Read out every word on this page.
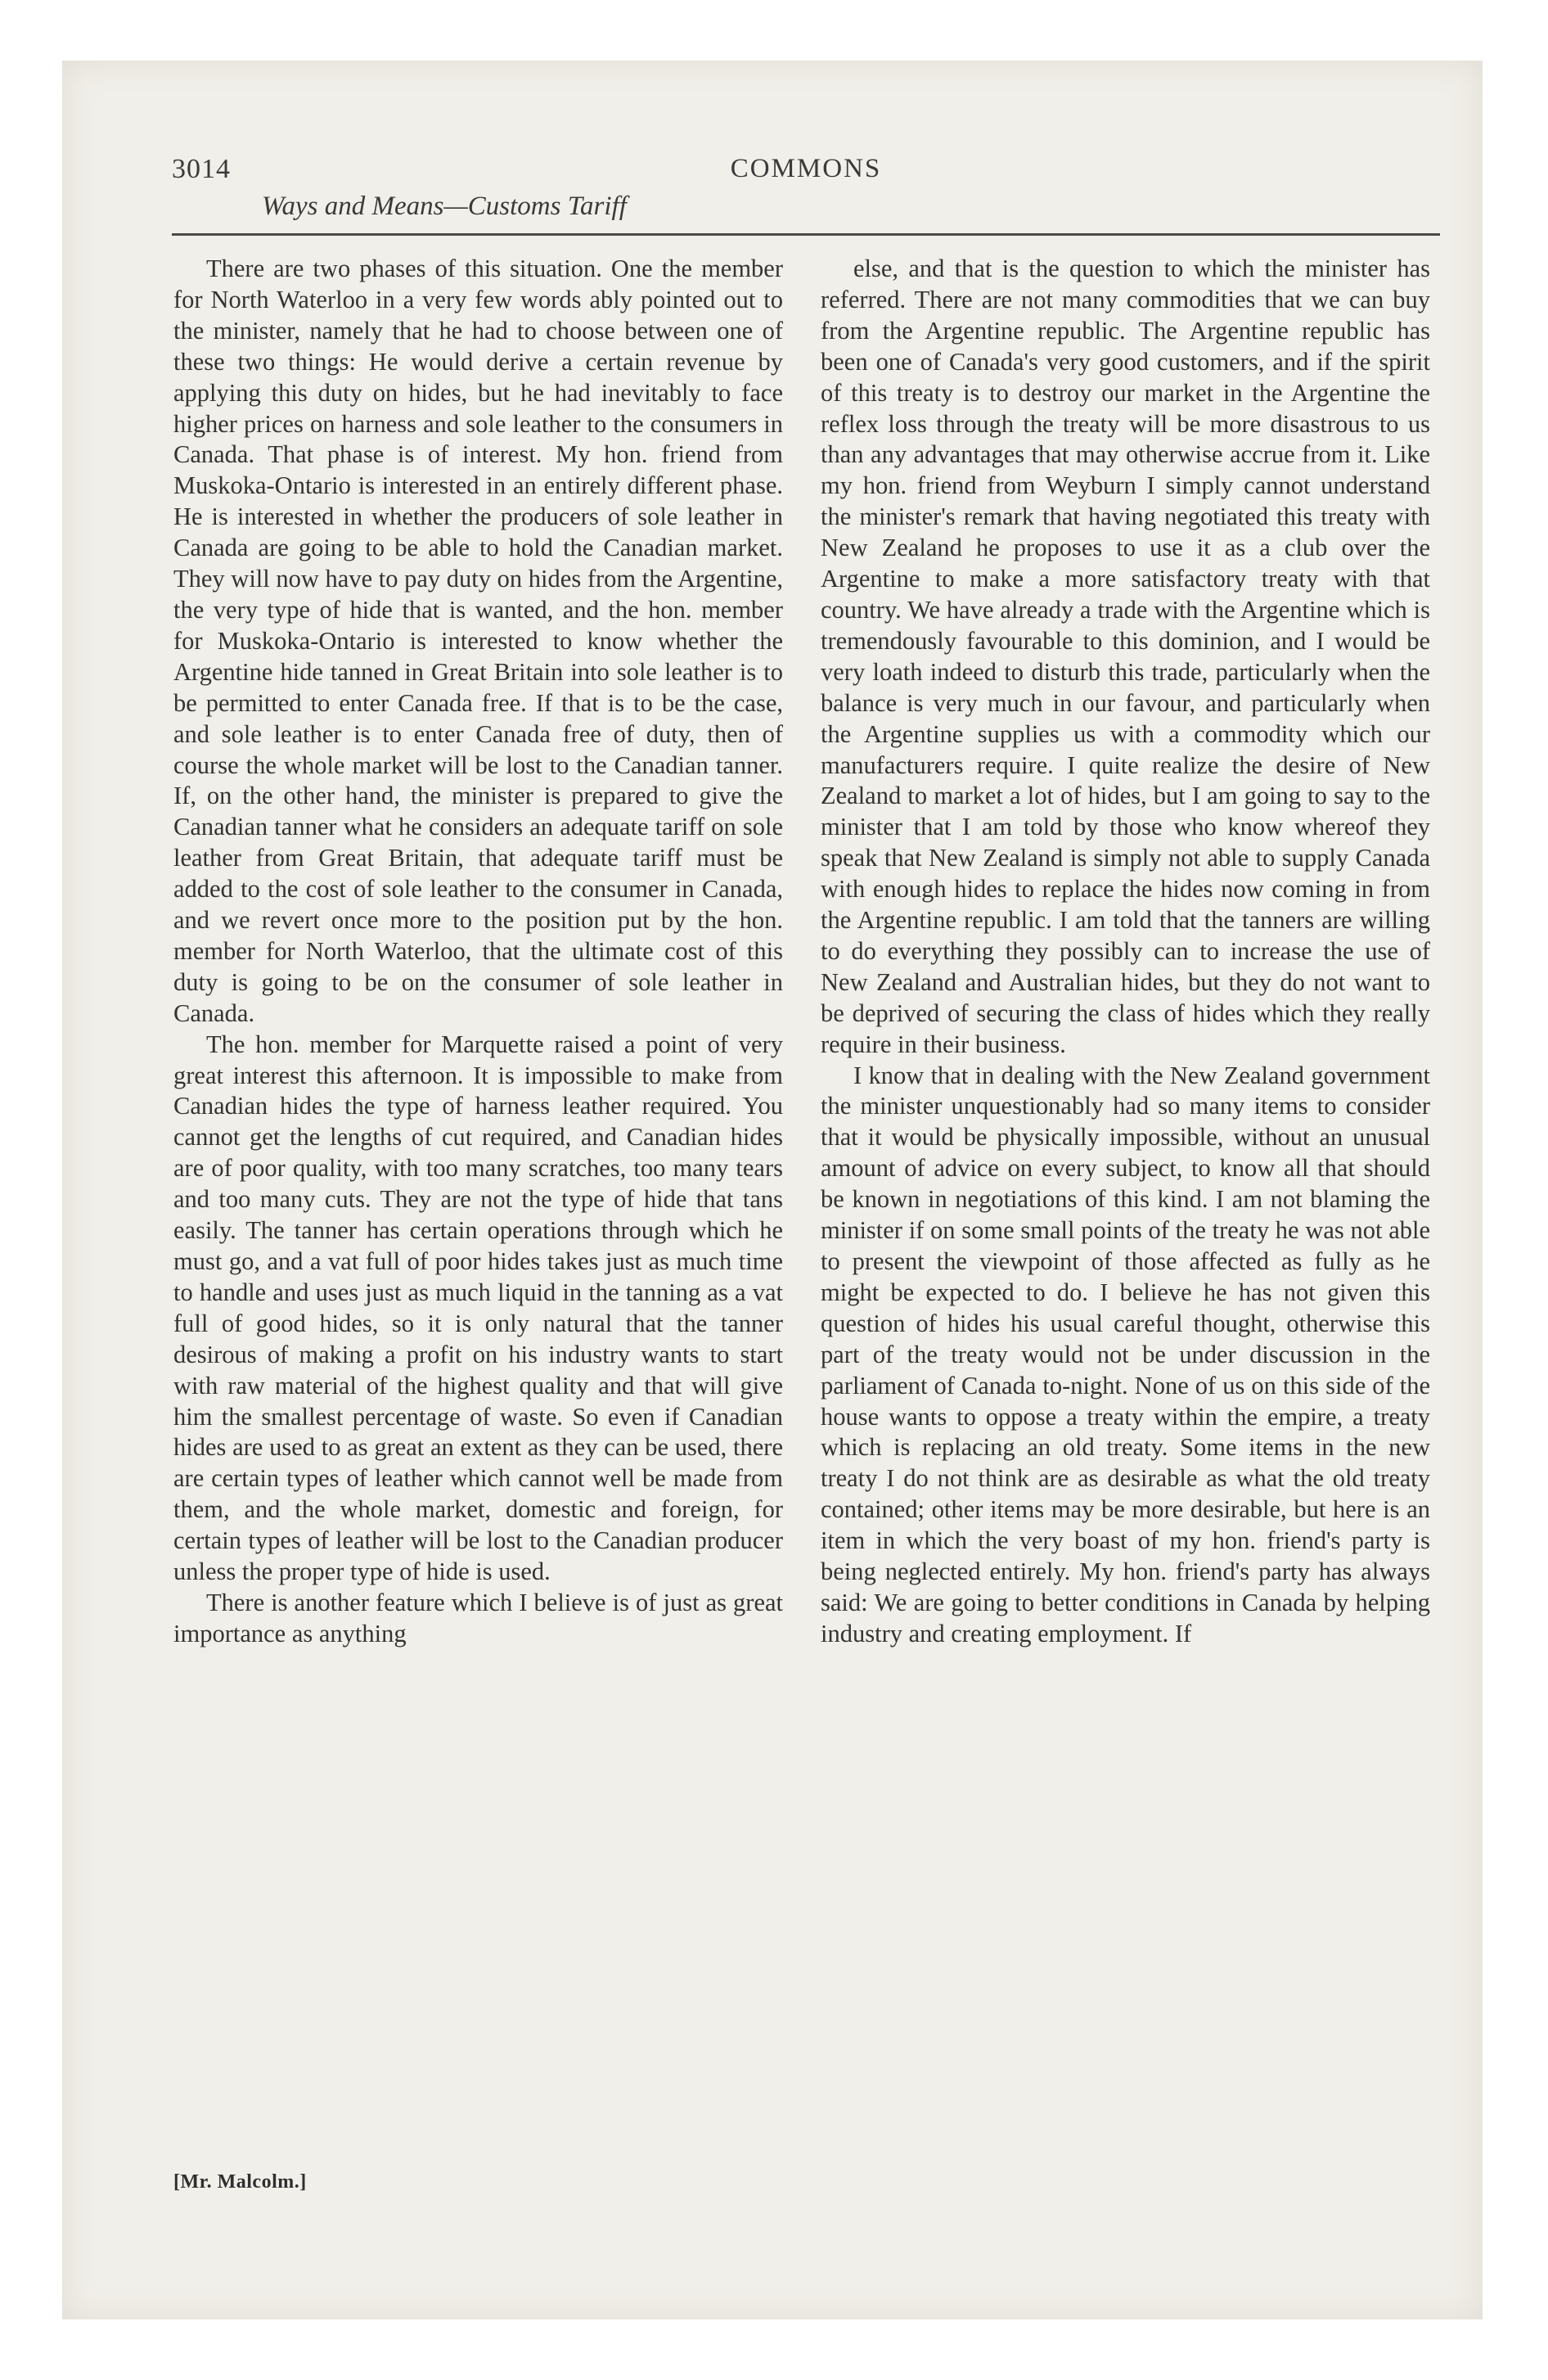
3014	COMMONS
Ways and Means—Customs Tariff

There are two phases of this situation. One the member for North Waterloo in a very few words ably pointed out to the minister, namely that he had to choose between one of these two things: He would derive a certain revenue by applying this duty on hides, but he had inevitably to face higher prices on harness and sole leather to the consumers in Canada. That phase is of interest. My hon. friend from Muskoka-Ontario is interested in an entirely different phase. He is interested in whether the producers of sole leather in Canada are going to be able to hold the Canadian market. They will now have to pay duty on hides from the Argentine, the very type of hide that is wanted, and the hon. member for Muskoka-Ontario is interested to know whether the Argentine hide tanned in Great Britain into sole leather is to be permitted to enter Canada free. If that is to be the case, and sole leather is to enter Canada free of duty, then of course the whole market will be lost to the Canadian tanner. If, on the other hand, the minister is prepared to give the Canadian tanner what he considers an adequate tariff on sole leather from Great Britain, that adequate tariff must be added to the cost of sole leather to the consumer in Canada, and we revert once more to the position put by the hon. member for North Waterloo, that the ultimate cost of this duty is going to be on the consumer of sole leather in Canada.

The hon. member for Marquette raised a point of very great interest this afternoon. It is impossible to make from Canadian hides the type of harness leather required. You cannot get the lengths of cut required, and Canadian hides are of poor quality, with too many scratches, too many tears and too many cuts. They are not the type of hide that tans easily. The tanner has certain operations through which he must go, and a vat full of poor hides takes just as much time to handle and uses just as much liquid in the tanning as a vat full of good hides, so it is only natural that the tanner desirous of making a profit on his industry wants to start with raw material of the highest quality and that will give him the smallest percentage of waste. So even if Canadian hides are used to as great an extent as they can be used, there are certain types of leather which cannot well be made from them, and the whole market, domestic and foreign, for certain types of leather will be lost to the Canadian producer unless the proper type of hide is used.

There is another feature which I believe is of just as great importance as anything

[Mr. Malcolm.]

else, and that is the question to which the minister has referred. There are not many commodities that we can buy from the Argentine republic. The Argentine republic has been one of Canada's very good customers, and if the spirit of this treaty is to destroy our market in the Argentine the reflex loss through the treaty will be more disastrous to us than any advantages that may otherwise accrue from it. Like my hon. friend from Weyburn I simply cannot understand the minister's remark that having negotiated this treaty with New Zealand he proposes to use it as a club over the Argentine to make a more satisfactory treaty with that country. We have already a trade with the Argentine which is tremendously favourable to this dominion, and I would be very loath indeed to disturb this trade, particularly when the balance is very much in our favour, and particularly when the Argentine supplies us with a commodity which our manufacturers require. I quite realize the desire of New Zealand to market a lot of hides, but I am going to say to the minister that I am told by those who know whereof they speak that New Zealand is simply not able to supply Canada with enough hides to replace the hides now coming in from the Argentine republic. I am told that the tanners are willing to do everything they possibly can to increase the use of New Zealand and Australian hides, but they do not want to be deprived of securing the class of hides which they really require in their business.

I know that in dealing with the New Zealand government the minister unquestionably had so many items to consider that it would be physically impossible, without an unusual amount of advice on every subject, to know all that should be known in negotiations of this kind. I am not blaming the minister if on some small points of the treaty he was not able to present the viewpoint of those affected as fully as he might be expected to do. I believe he has not given this question of hides his usual careful thought, otherwise this part of the treaty would not be under discussion in the parliament of Canada to-night. None of us on this side of the house wants to oppose a treaty within the empire, a treaty which is replacing an old treaty. Some items in the new treaty I do not think are as desirable as what the old treaty contained; other items may be more desirable, but here is an item in which the very boast of my hon. friend's party is being neglected entirely. My hon. friend's party has always said: We are going to better conditions in Canada by helping industry and creating employment. If
